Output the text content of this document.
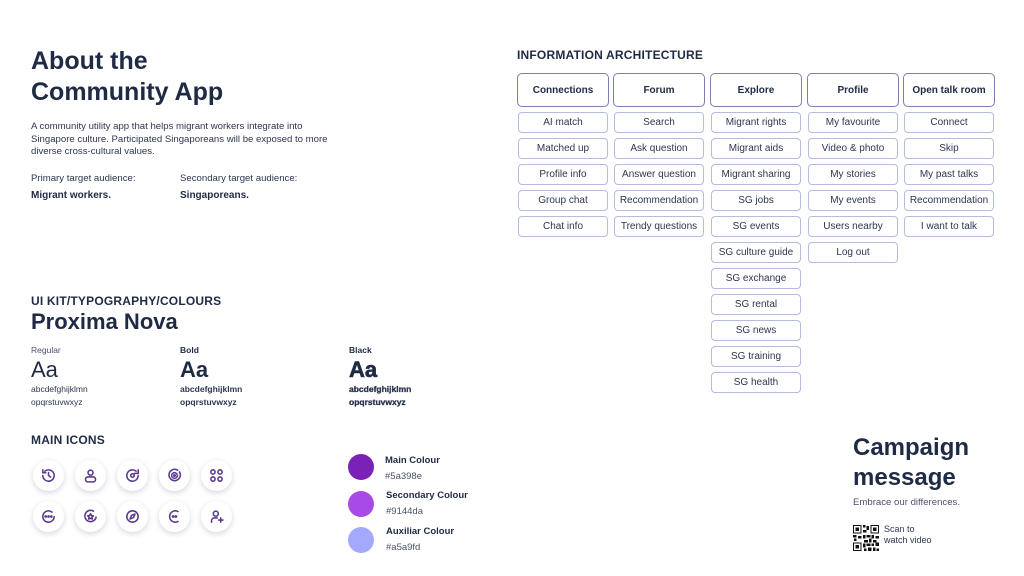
About the
Community App
A community utility app that helps migrant workers integrate into Singapore culture. Participated Singaporeans will be exposed to more diverse cross-cultural values.
Primary target audience:
Migrant workers.
Secondary target audience:
Singaporeans.
UI KIT/TYPOGRAPHY/COLOURS
Proxima Nova
Regular
Aa
abcdefghijklmn
opqrstuvwxyz
Bold
Aa
abcdefghijklmn
opqrstuvwxyz
Black
Aa
abcdefghijklmn
opqrstuvwxyz
MAIN ICONS
Main Colour
#5a398e
Secondary Colour
#9144da
Auxiliar Colour
#a5a9fd
INFORMATION ARCHITECTURE
Connections
AI match
Matched up
Profile info
Group chat
Chat info
Forum
Search
Ask question
Answer question
Recommendation
Trendy questions
Explore
Migrant rights
Migrant aids
Migrant sharing
SG jobs
SG events
SG culture guide
SG exchange
SG rental
SG news
SG training
SG health
Profile
My favourite
Video & photo
My stories
My events
Users nearby
Log out
Open talk room
Connect
Skip
My past talks
Recommendation
I want to talk
Campaign
message
Embrace our differences.
Scan to
watch video
